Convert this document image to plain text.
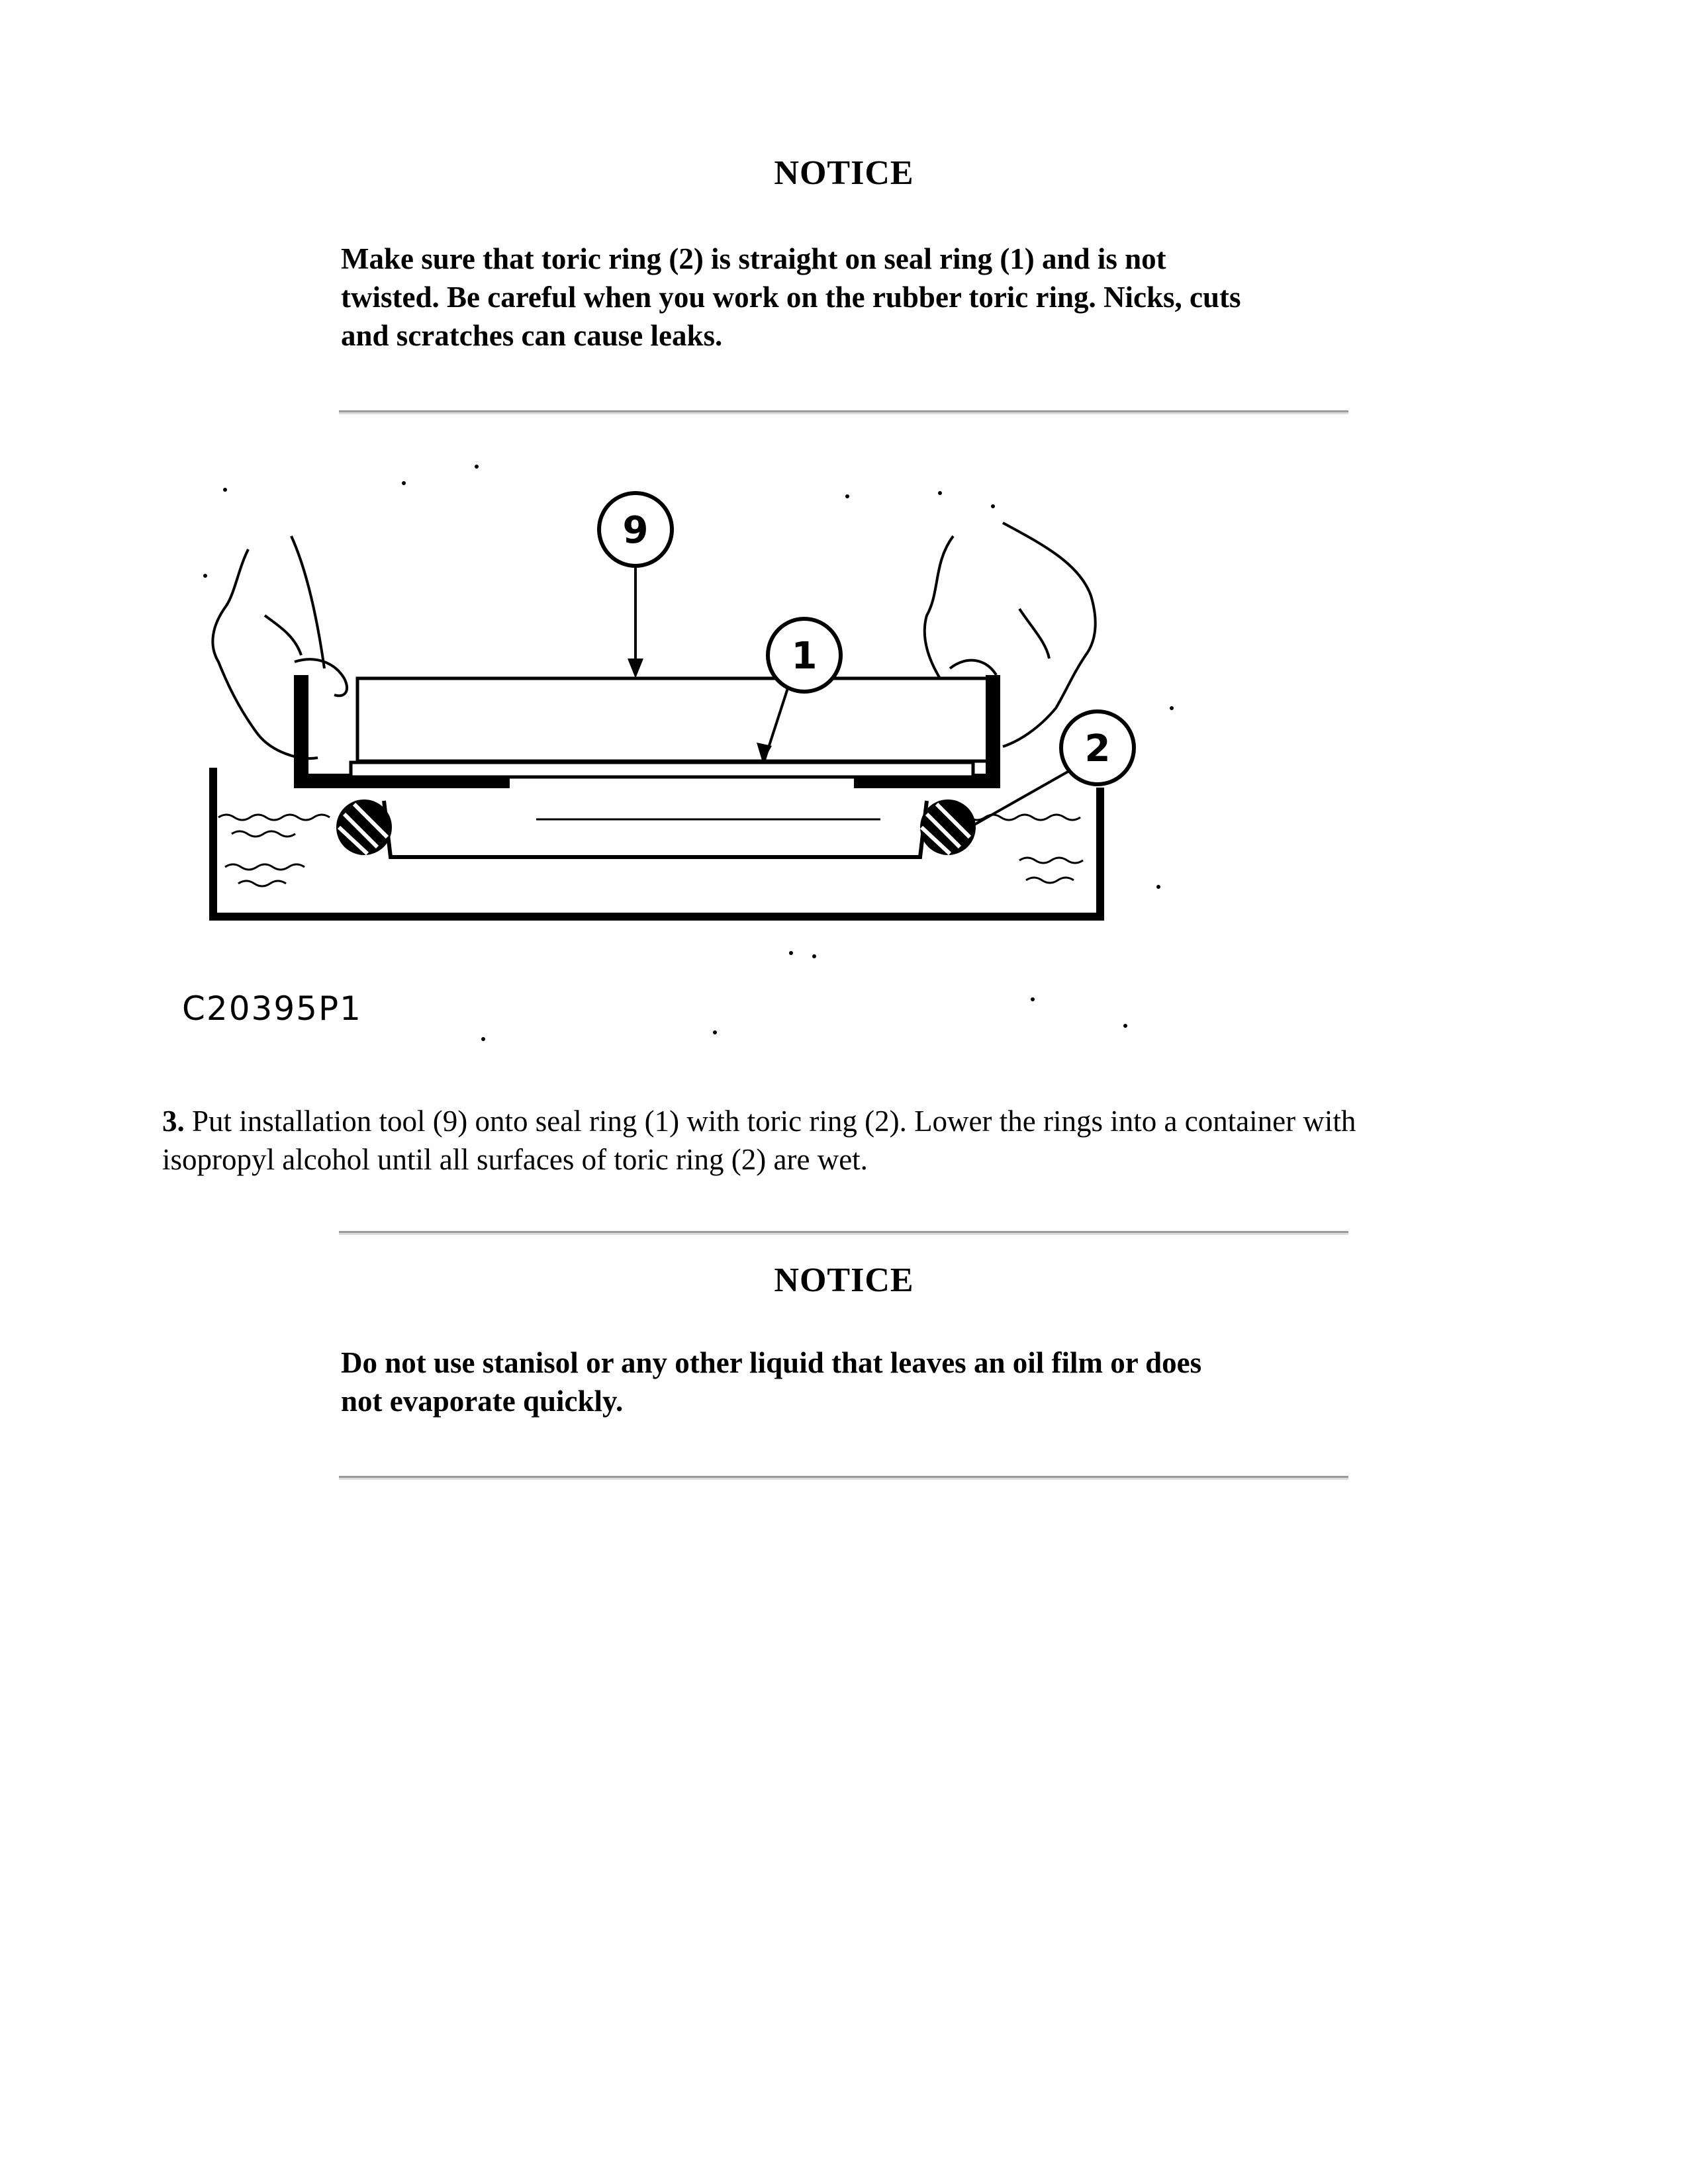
NOTICE
Make sure that toric ring (2) is straight on seal ring (1) and is not
twisted. Be careful when you work on the rubber toric ring. Nicks, cuts
and scratches can cause leaks.
9
1
2
C20395P1
3. Put installation tool (9) onto seal ring (1) with toric ring (2). Lower the rings into a container with
isopropyl alcohol until all surfaces of toric ring (2) are wet.
NOTICE
Do not use stanisol or any other liquid that leaves an oil film or does
not evaporate quickly.
